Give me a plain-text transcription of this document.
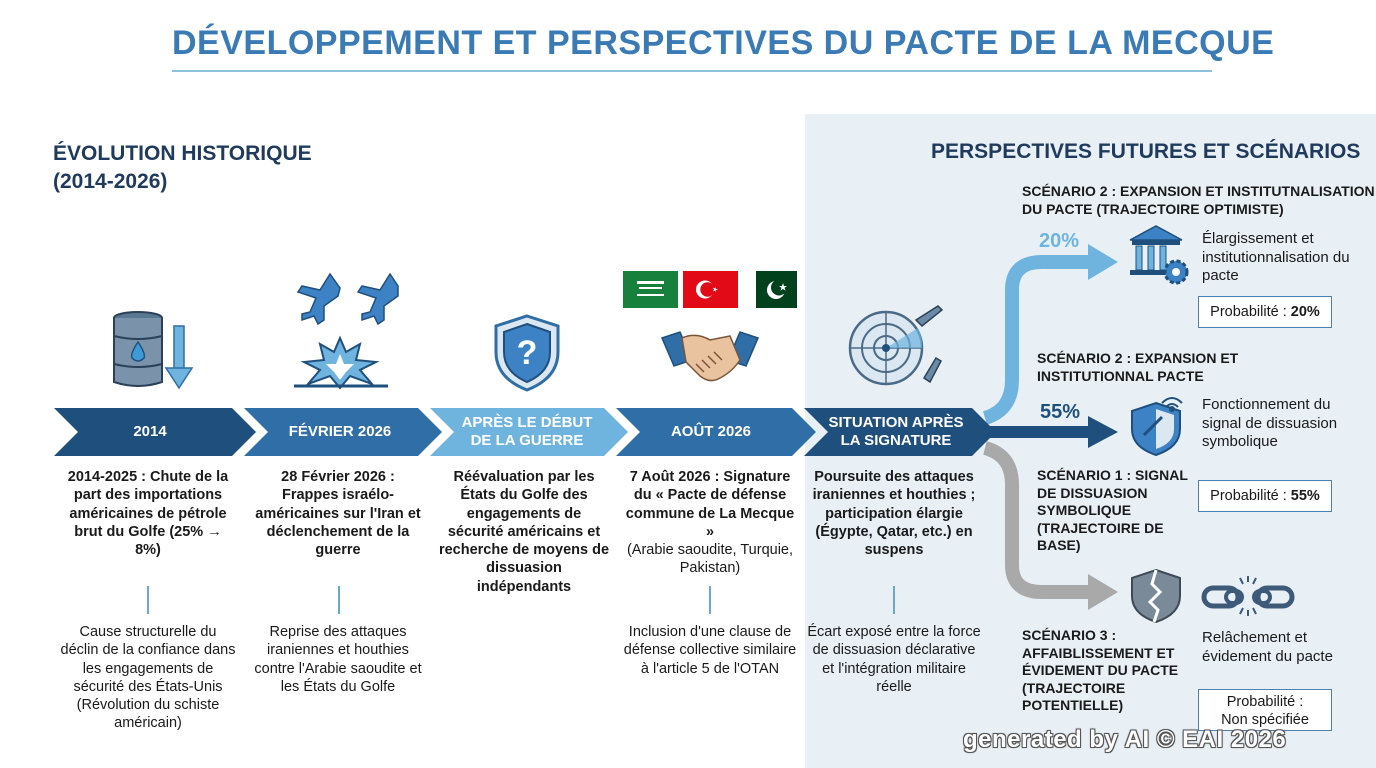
DÉVELOPPEMENT ET PERSPECTIVES DU PACTE DE LA MECQUE
ÉVOLUTION HISTORIQUE
(2014-2026)
PERSPECTIVES FUTURES ET SCÉNARIOS
2014	FÉVRIER 2026
APRÈS LE DÉBUT DE LA GUERRE
AOÛT 2026
SITUATION APRÈS LA SIGNATURE
2014-2025 : Chute de la part des importations américaines de pétrole brut du Golfe (25% → 8%)
28 Février 2026 : Frappes israélo-américaines sur l'Iran et déclenchement de la guerre
Réévaluation par les États du Golfe des engagements de sécurité américains et recherche de moyens de dissuasion indépendants
7 Août 2026 : Signature du « Pacte de défense commune de La Mecque »
(Arabie saoudite, Turquie, Pakistan)
Poursuite des attaques iraniennes et houthies ; participation élargie (Égypte, Qatar, etc.) en suspens
Cause structurelle du déclin de la confiance dans les engagements de sécurité des États-Unis (Révolution du schiste américain)
Reprise des attaques iraniennes et houthies contre l'Arabie saoudite et les États du Golfe
Inclusion d'une clause de défense collective similaire à l'article 5 de l'OTAN
Écart exposé entre la force de dissuasion déclarative et l'intégration militaire réelle
?
SCÉNARIO 2 : EXPANSION ET INSTITUTNALISATION
DU PACTE (TRAJECTOIRE OPTIMISTE)
20%	Élargissement et institutionnalisation du pacte
Probabilité : 20%
SCÉNARIO 2 : EXPANSION ET
INSTITUTIONNAL PACTE
55%	Fonctionnement du signal de dissuasion symbolique
SCÉNARIO 1 : SIGNAL DE DISSUASION SYMBOLIQUE (TRAJECTOIRE DE BASE)
Probabilité : 55%
SCÉNARIO 3 : AFFAIBLISSEMENT ET ÉVIDEMENT DU PACTE (TRAJECTOIRE POTENTIELLE)
Relâchement et évidement du pacte
Probabilité :
Non spécifiée
generated by AI © EAI 2026
